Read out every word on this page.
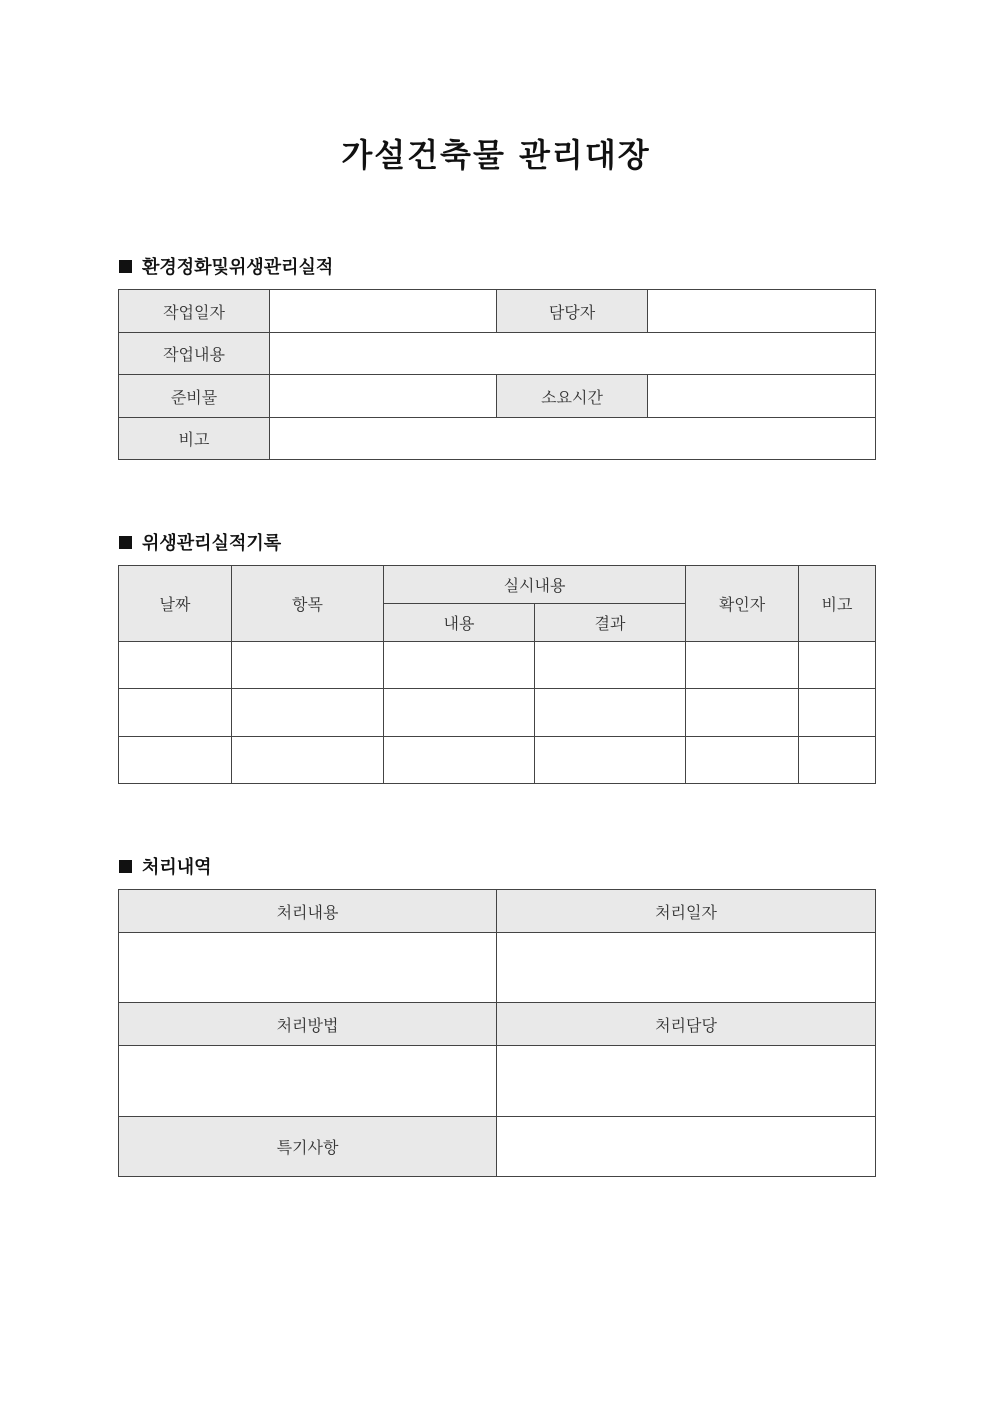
가설건축물 관리대장
환경정화및위생관리실적
작업일자		담당자	
작업내용			
준비물		소요시간	
비고			
위생관리실적기록
날짜	항목	실시내용		확인자	비고
		내용	결과		

처리내역
처리내용	처리일자

처리방법	처리담당

특기사항	
